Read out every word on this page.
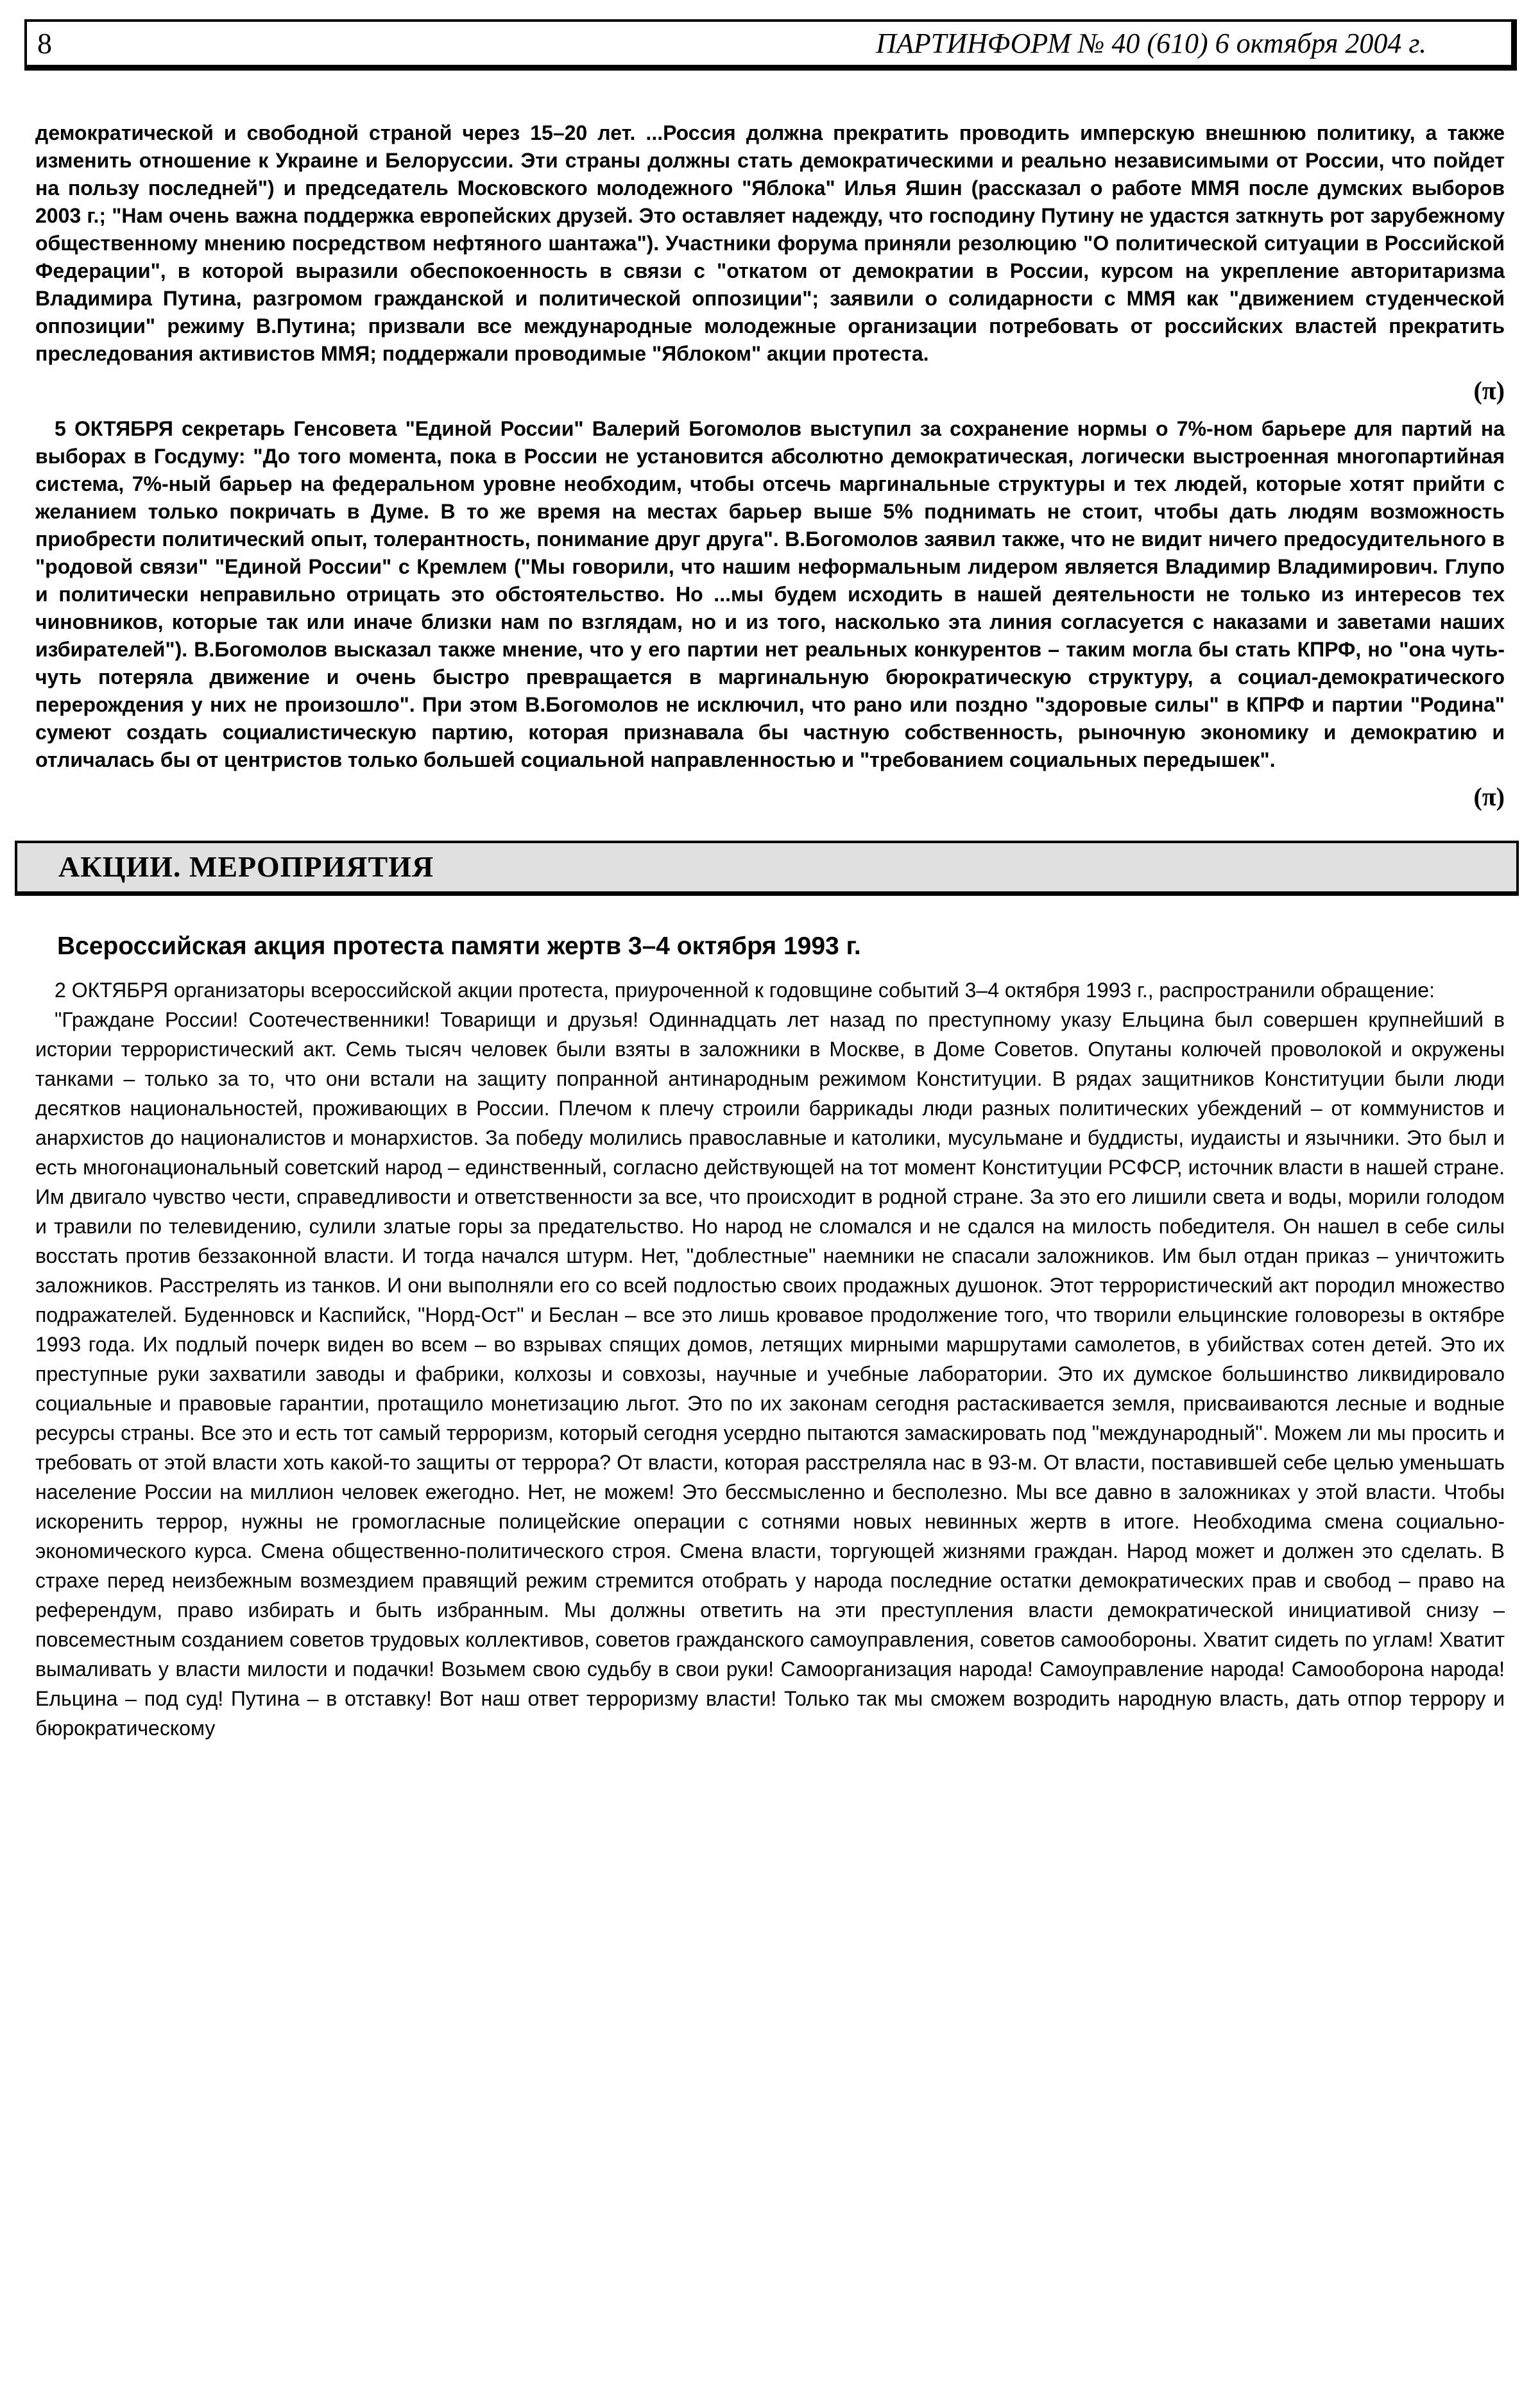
8	ПАРТИНФОРМ № 40 (610) 6 октября 2004 г.

демократической и свободной страной через 15–20 лет. ...Россия должна прекратить проводить имперскую внешнюю политику, а также изменить отношение к Украине и Белоруссии. Эти страны должны стать демократическими и реально независимыми от России, что пойдет на пользу последней") и председатель Московского молодежного "Яблока" Илья Яшин (рассказал о работе ММЯ после думских выборов 2003 г.; "Нам очень важна поддержка европейских друзей. Это оставляет надежду, что господину Путину не удастся заткнуть рот зарубежному общественному мнению посредством нефтяного шантажа"). Участники форума приняли резолюцию "О политической ситуации в Российской Федерации", в которой выразили обеспокоенность в связи с "откатом от демократии в России, курсом на укрепление авторитаризма Владимира Путина, разгромом гражданской и политической оппозиции"; заявили о солидарности с ММЯ как "движением студенческой оппозиции" режиму В.Путина; призвали все международные молодежные организации потребовать от российских властей прекратить преследования активистов ММЯ; поддержали проводимые "Яблоком" акции протеста.

(π)

5 ОКТЯБРЯ секретарь Генсовета "Единой России" Валерий Богомолов выступил за сохранение нормы о 7%-ном барьере для партий на выборах в Госдуму: "До того момента, пока в России не установится абсолютно демократическая, логически выстроенная многопартийная система, 7%-ный барьер на федеральном уровне необходим, чтобы отсечь маргинальные структуры и тех людей, которые хотят прийти с желанием только покричать в Думе. В то же время на местах барьер выше 5% поднимать не стоит, чтобы дать людям возможность приобрести политический опыт, толерантность, понимание друг друга". В.Богомолов заявил также, что не видит ничего предосудительного в "родовой связи" "Единой России" с Кремлем ("Мы говорили, что нашим неформальным лидером является Владимир Владимирович. Глупо и политически неправильно отрицать это обстоятельство. Но ...мы будем исходить в нашей деятельности не только из интересов тех чиновников, которые так или иначе близки нам по взглядам, но и из того, насколько эта линия согласуется с наказами и заветами наших избирателей"). В.Богомолов высказал также мнение, что у его партии нет реальных конкурентов – таким могла бы стать КПРФ, но "она чуть-чуть потеряла движение и очень быстро превращается в маргинальную бюрократическую структуру, а социал-демократического перерождения у них не произошло". При этом В.Богомолов не исключил, что рано или поздно "здоровые силы" в КПРФ и партии "Родина" сумеют создать социалистическую партию, которая признавала бы частную собственность, рыночную экономику и демократию и отличалась бы от центристов только большей социальной направленностью и "требованием социальных передышек".

(π)
АКЦИИ. МЕРОПРИЯТИЯ
Всероссийская акция протеста памяти жертв 3–4 октября 1993 г.

2 ОКТЯБРЯ организаторы всероссийской акции протеста, приуроченной к годовщине событий 3–4 октября 1993 г., распространили обращение:

"Граждане России! Соотечественники! Товарищи и друзья! Одиннадцать лет назад по преступному указу Ельцина был совершен крупнейший в истории террористический акт. Семь тысяч человек были взяты в заложники в Москве, в Доме Советов. Опутаны колючей проволокой и окружены танками – только за то, что они встали на защиту попранной антинародным режимом Конституции. В рядах защитников Конституции были люди десятков национальностей, проживающих в России. Плечом к плечу строили баррикады люди разных политических убеждений – от коммунистов и анархистов до националистов и монархистов. За победу молились православные и католики, мусульмане и буддисты, иудаисты и язычники. Это был и есть многонациональный советский народ – единственный, согласно действующей на тот момент Конституции РСФСР, источник власти в нашей стране. Им двигало чувство чести, справедливости и ответственности за все, что происходит в родной стране. За это его лишили света и воды, морили голодом и травили по телевидению, сулили златые горы за предательство. Но народ не сломался и не сдался на милость победителя. Он нашел в себе силы восстать против беззаконной власти. И тогда начался штурм. Нет, "доблестные" наемники не спасали заложников. Им был отдан приказ – уничтожить заложников. Расстрелять из танков. И они выполняли его со всей подлостью своих продажных душонок. Этот террористический акт породил множество подражателей. Буденновск и Каспийск, "Норд-Ост" и Беслан – все это лишь кровавое продолжение того, что творили ельцинские головорезы в октябре 1993 года. Их подлый почерк виден во всем – во взрывах спящих домов, летящих мирными маршрутами самолетов, в убийствах сотен детей. Это их преступные руки захватили заводы и фабрики, колхозы и совхозы, научные и учебные лаборатории. Это их думское большинство ликвидировало социальные и правовые гарантии, протащило монетизацию льгот. Это по их законам сегодня растаскивается земля, присваиваются лесные и водные ресурсы страны. Все это и есть тот самый терроризм, который сегодня усердно пытаются замаскировать под "международный". Можем ли мы просить и требовать от этой власти хоть какой-то защиты от террора? От власти, которая расстреляла нас в 93-м. От власти, поставившей себе целью уменьшать население России на миллион человек ежегодно. Нет, не можем! Это бессмысленно и бесполезно. Мы все давно в заложниках у этой власти. Чтобы искоренить террор, нужны не громогласные полицейские операции с сотнями новых невинных жертв в итоге. Необходима смена социально-экономического курса. Смена общественно-политического строя. Смена власти, торгующей жизнями граждан. Народ может и должен это сделать. В страхе перед неизбежным возмездием правящий режим стремится отобрать у народа последние остатки демократических прав и свобод – право на референдум, право избирать и быть избранным. Мы должны ответить на эти преступления власти демократической инициативой снизу – повсеместным созданием советов трудовых коллективов, советов гражданского самоуправления, советов самообороны. Хватит сидеть по углам! Хватит вымаливать у власти милости и подачки! Возьмем свою судьбу в свои руки! Самоорганизация народа! Самоуправление народа! Самооборона народа! Ельцина – под суд! Путина – в отставку! Вот наш ответ терроризму власти! Только так мы сможем возродить народную власть, дать отпор террору и бюрократическому
